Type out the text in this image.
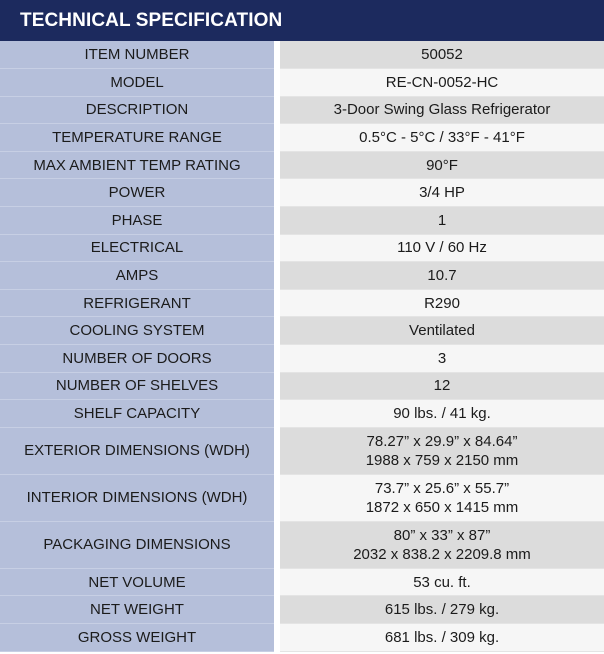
TECHNICAL SPECIFICATION
ITEM NUMBER		50052

MODEL		RE-CN-0052-HC

DESCRIPTION		3-Door Swing Glass Refrigerator

TEMPERATURE RANGE		0.5°C - 5°C / 33°F - 41°F

MAX AMBIENT TEMP RATING		90°F

POWER		3/4 HP

PHASE		1

ELECTRICAL		110 V / 60 Hz

AMPS		10.7

REFRIGERANT		R290

COOLING SYSTEM		Ventilated

NUMBER OF DOORS		3

NUMBER OF SHELVES		12

SHELF CAPACITY		90 lbs. / 41 kg.

EXTERIOR DIMENSIONS (WDH)		78.27” x 29.9” x 84.64”
1988 x 759 x 2150 mm

INTERIOR DIMENSIONS (WDH)		73.7” x 25.6” x 55.7”
1872 x 650 x 1415 mm

PACKAGING DIMENSIONS		80” x 33” x 87”
2032 x 838.2 x 2209.8 mm

NET VOLUME		53 cu. ft.

NET WEIGHT		615 lbs. / 279 kg.

GROSS WEIGHT		681 lbs. / 309 kg.
